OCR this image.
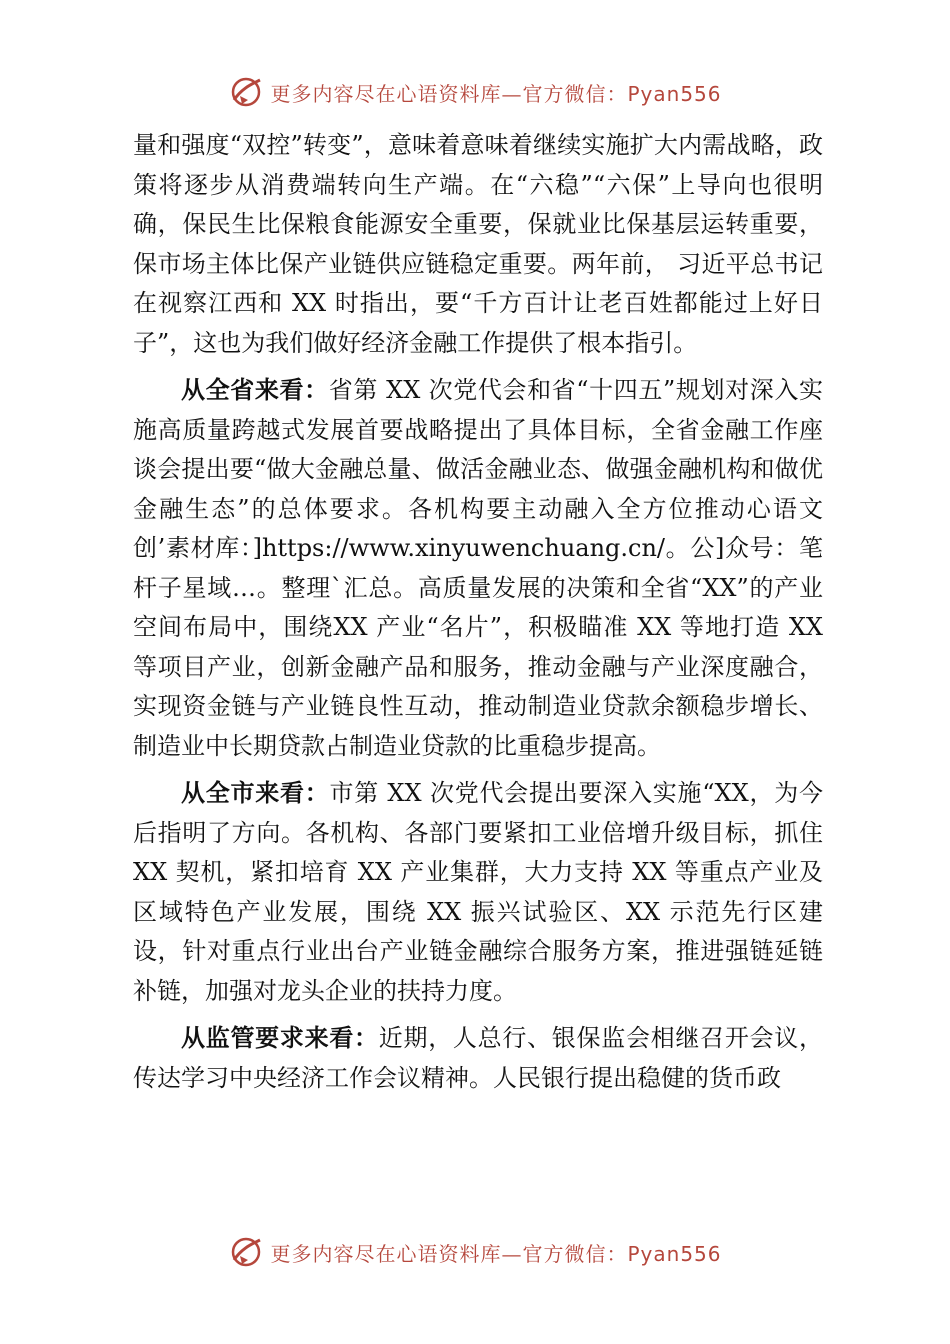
更多内容尽在心语资料库—官方微信：Pyan556

量和强度“双控”转变”，意味着意味着继续实施扩大内需战略，政策将逐步从消费端转向生产端。在“六稳”“六保”上导向也很明确，保民生比保粮食能源安全重要，保就业比保基层运转重要，保市场主体比保产业链供应链稳定重要。两年前， 习近平总书记在视察江西和 XX 时指出，要“千方百计让老百姓都能过上好日子”，这也为我们做好经济金融工作提供了根本指引。

从全省来看：省第 XX 次党代会和省“十四五”规划对深入实施高质量跨越式发展首要战略提出了具体目标，全省金融工作座谈会提出要“做大金融总量、做活金融业态、做强金融机构和做优金融生态”的总体要求。各机构要主动融入全方位推动心语文创’素材库：]https://www.xinyuwenchuang.cn/。公]众号：笔杆子星域…。整理`汇总。高质量发展的决策和全省“XX”的产业空间布局中，围绕XX 产业“名片”，积极瞄准 XX 等地打造 XX 等项目产业，创新金融产品和服务，推动金融与产业深度融合，实现资金链与产业链良性互动，推动制造业贷款余额稳步增长、制造业中长期贷款占制造业贷款的比重稳步提高。

从全市来看：市第 XX 次党代会提出要深入实施“XX，为今后指明了方向。各机构、各部门要紧扣工业倍增升级目标，抓住 XX 契机，紧扣培育 XX 产业集群，大力支持 XX 等重点产业及区域特色产业发展，围绕 XX 振兴试验区、XX 示范先行区建设，针对重点行业出台产业链金融综合服务方案，推进强链延链补链，加强对龙头企业的扶持力度。

从监管要求来看：近期，人总行、银保监会相继召开会议，传达学习中央经济工作会议精神。人民银行提出稳健的货币政

更多内容尽在心语资料库—官方微信：Pyan556
